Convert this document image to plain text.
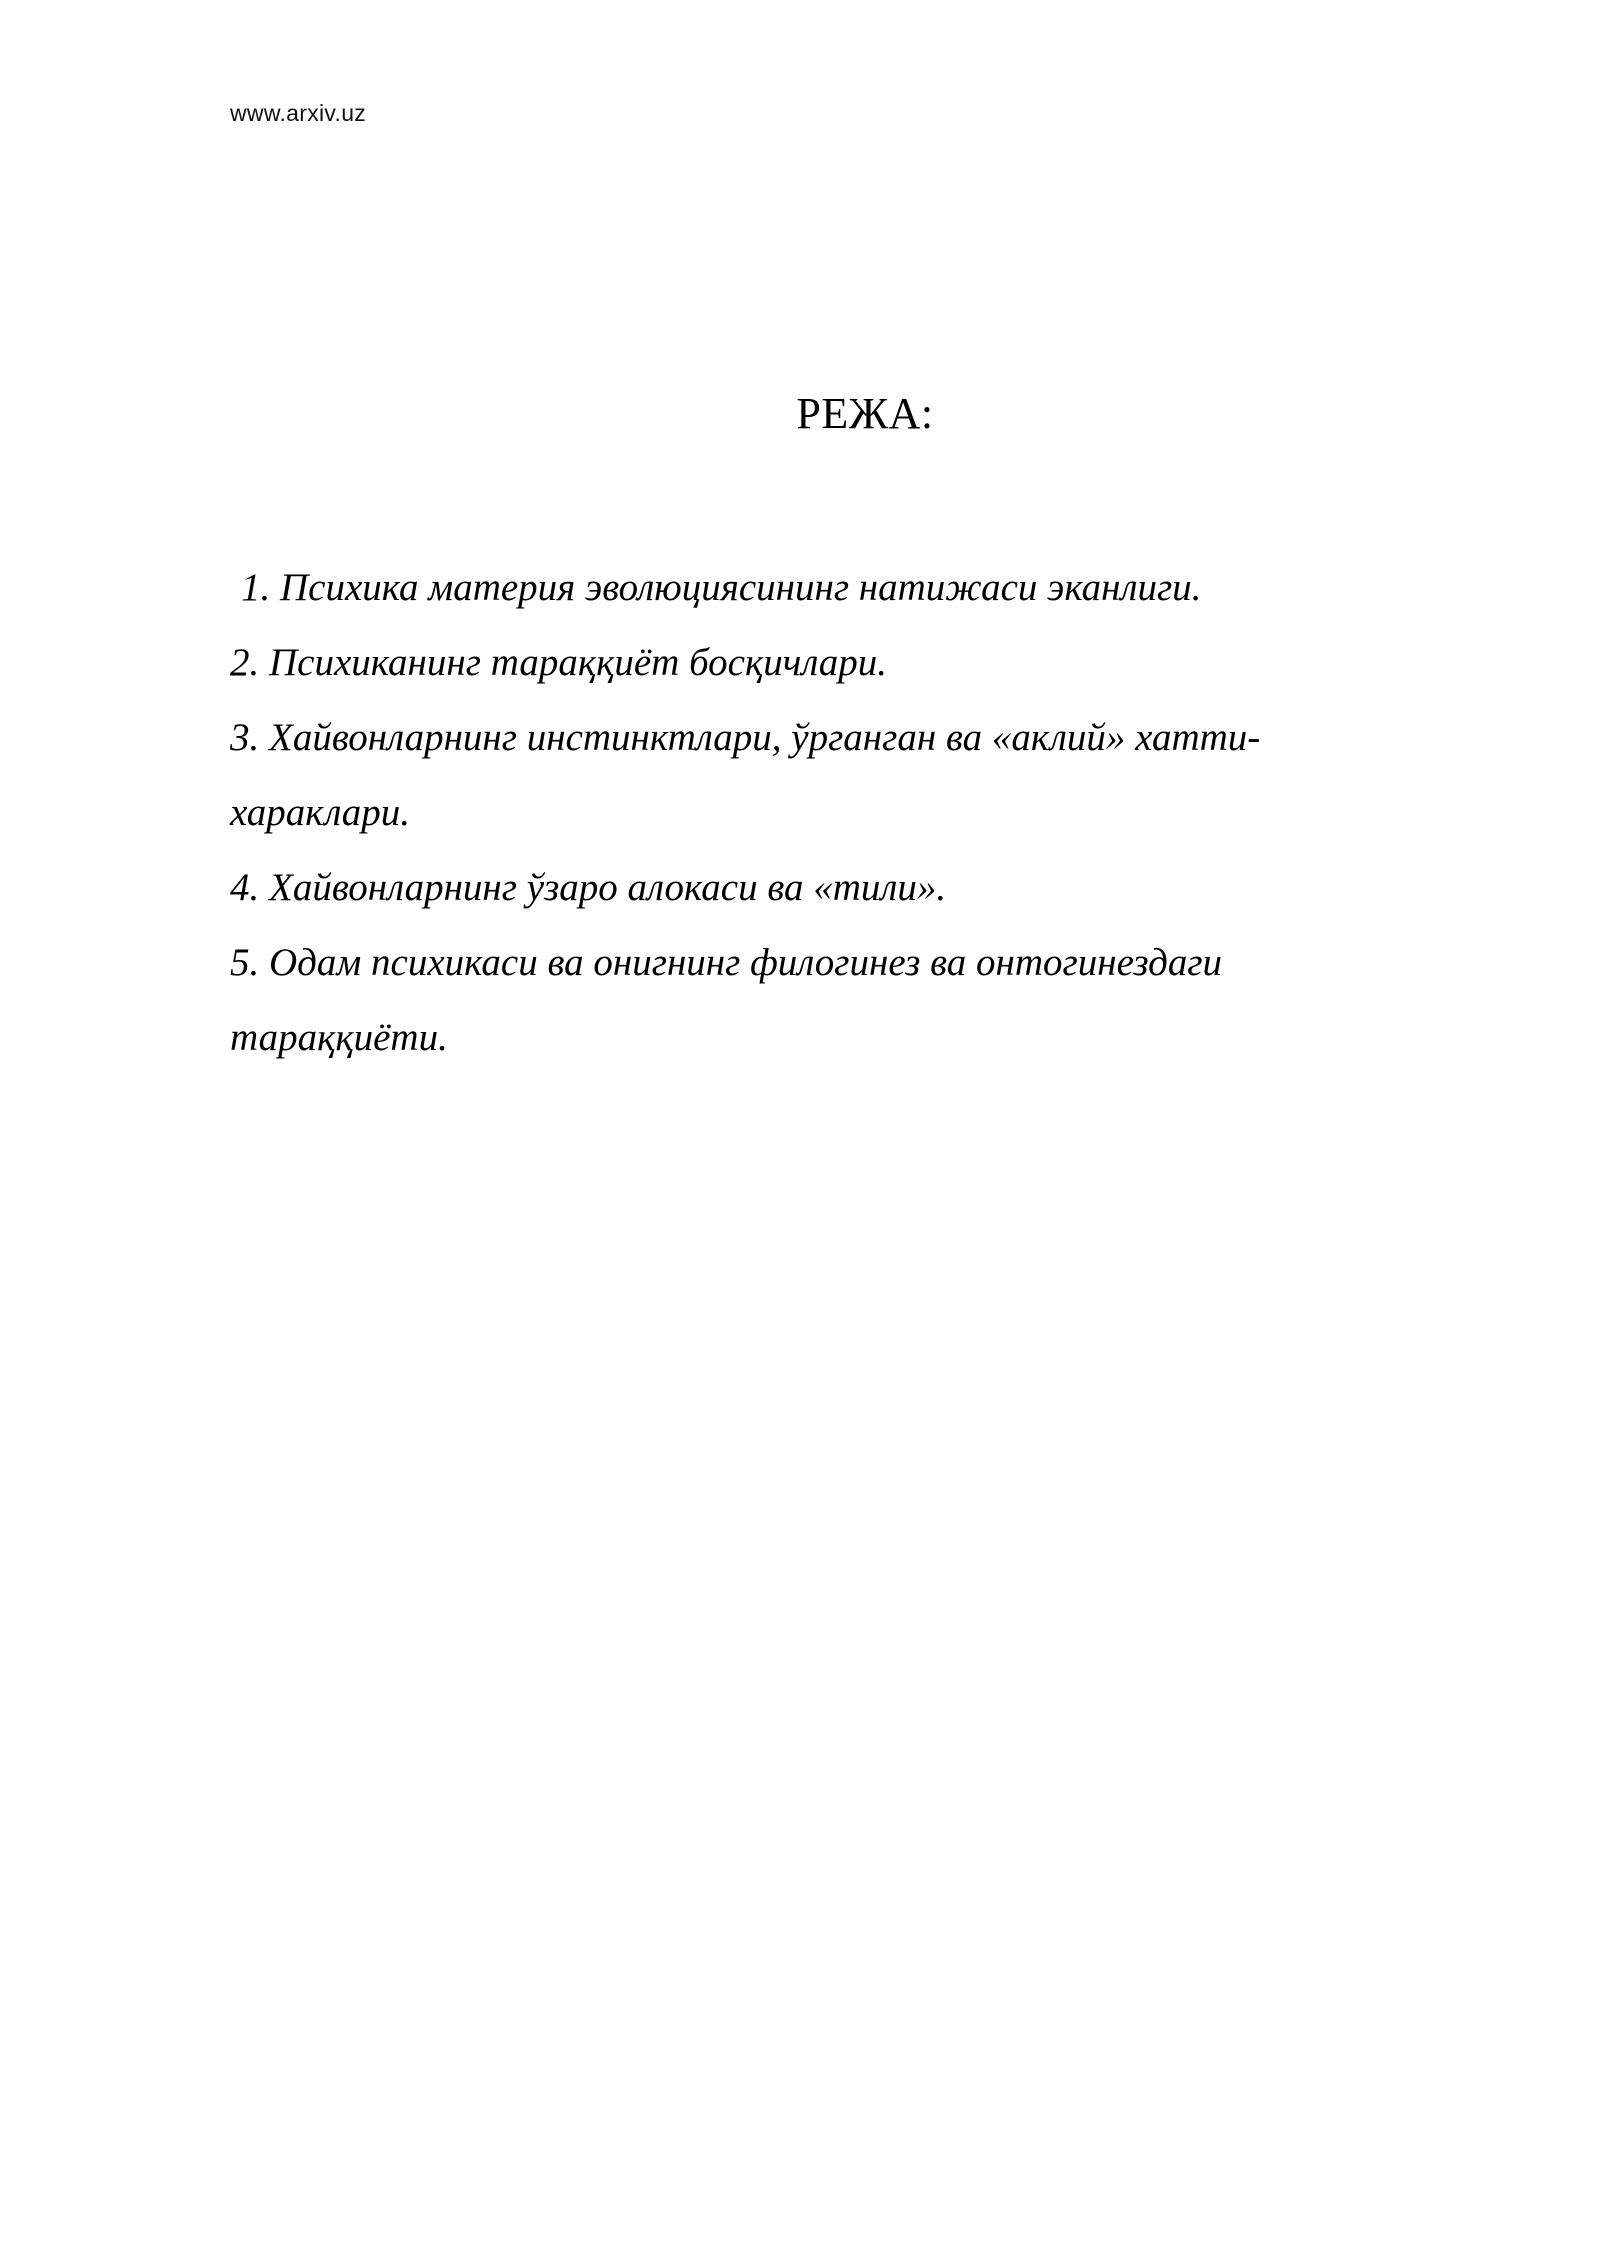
www.arxiv.uz
РЕЖА:
1. Психика материя эволюциясининг натижаси эканлиги.
2. Психиканинг тараққиёт босқичлари.
3. Хайвонларнинг инстинктлари, ўрганган ва «аклий» хатти-
хараклари.
4. Хайвонларнинг ўзаро алокаси ва «тили».
5. Одам психикаси ва онигнинг филогинез ва онтогинездаги
тараққиёти.
